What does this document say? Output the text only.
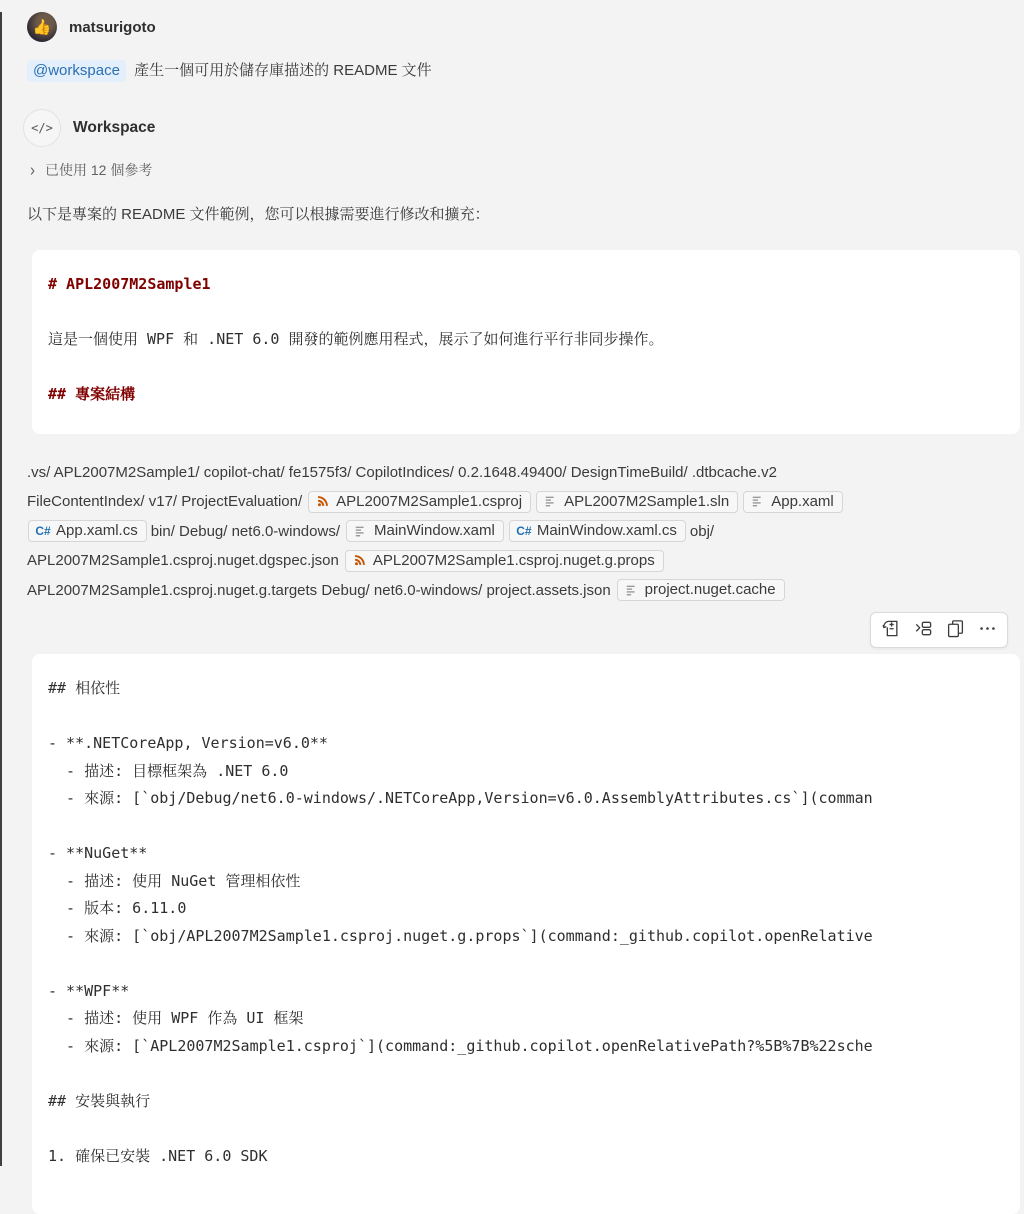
👍	matsurigoto
@workspace 產生一個可用於儲存庫描述的 README 文件
</>	Workspace
› 已使用 12 個參考
以下是專案的 README 文件範例，您可以根據需要進行修改和擴充：
# APL2007M2Sample1

這是一個使用 WPF 和 .NET 6.0 開發的範例應用程式，展示了如何進行平行非同步操作。

## 專案結構
.vs/ APL2007M2Sample1/ copilot-chat/ fe1575f3/ CopilotIndices/ 0.2.1648.49400/ DesignTimeBuild/ .dtbcache.v2
FileContentIndex/ v17/ ProjectEvaluation/ APL2007M2Sample1.csproj	APL2007M2Sample1.sln	App.xaml
C# App.xaml.cs bin/ Debug/ net6.0-windows/ MainWindow.xaml C# MainWindow.xaml.cs obj/
APL2007M2Sample1.csproj.nuget.dgspec.json APL2007M2Sample1.csproj.nuget.g.props
APL2007M2Sample1.csproj.nuget.g.targets Debug/ net6.0-windows/ project.assets.json project.nuget.cache
## 相依性

- **.NETCoreApp, Version=v6.0**
- 描述: 目標框架為 .NET 6.0
- 來源: [`obj/Debug/net6.0-windows/.NETCoreApp,Version=v6.0.AssemblyAttributes.cs`](comman

- **NuGet**
- 描述: 使用 NuGet 管理相依性
- 版本: 6.11.0
- 來源: [`obj/APL2007M2Sample1.csproj.nuget.g.props`](command:_github.copilot.openRelative

- **WPF**
- 描述: 使用 WPF 作為 UI 框架
- 來源: [`APL2007M2Sample1.csproj`](command:_github.copilot.openRelativePath?%5B%7B%22sche

## 安裝與執行

1. 確保已安裝 .NET 6.0 SDK
